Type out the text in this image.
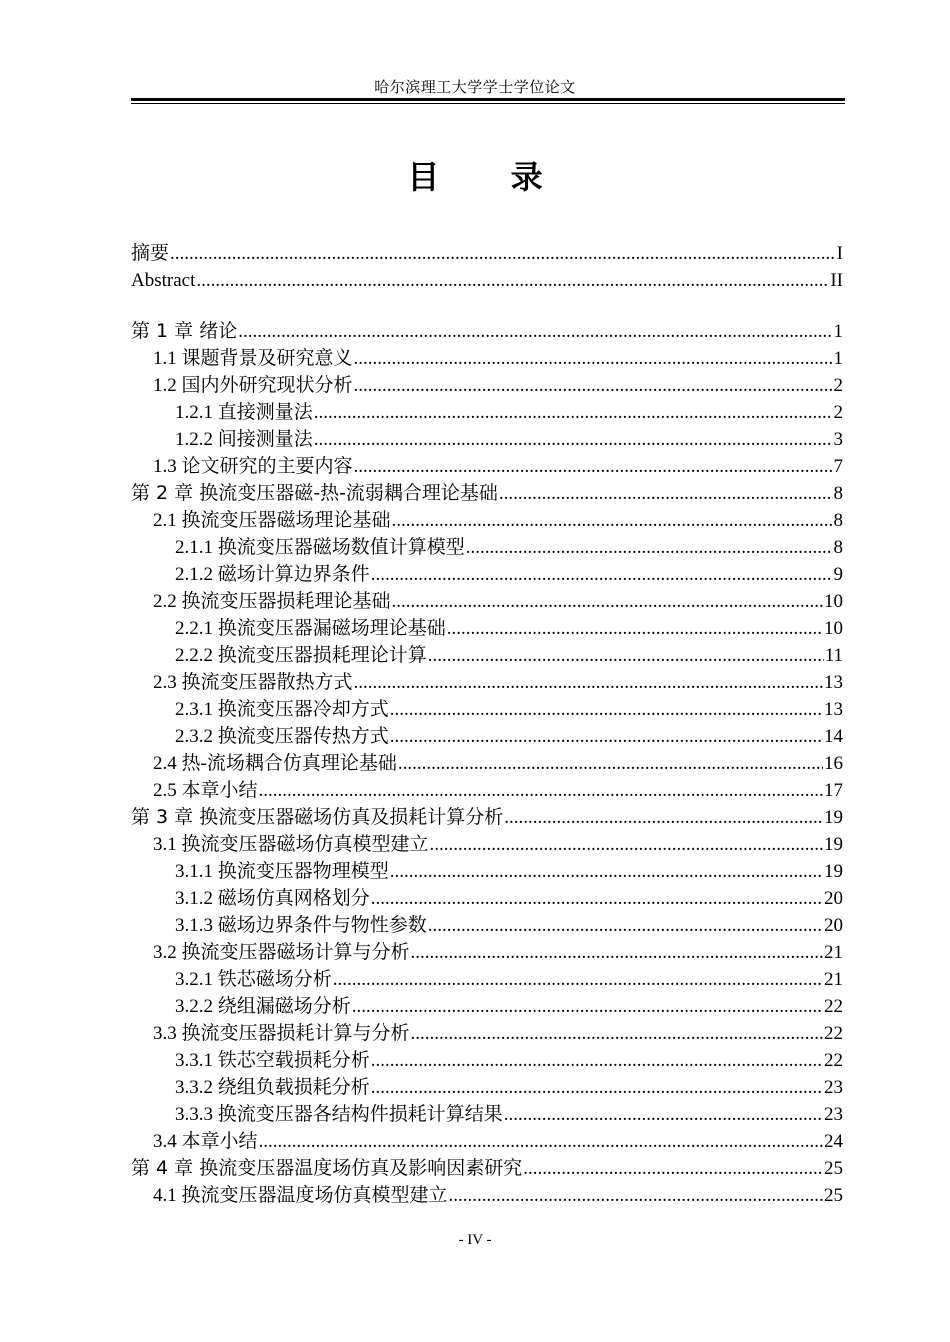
哈尔滨理工大学学士学位论文
目 录
摘要 .....	I
Abstract .....	II
第 1 章 绪论 .....	1
1.1 课题背景及研究意义 .....	1
1.2 国内外研究现状分析 .....	2
1.2.1 直接测量法 .....	2
1.2.2 间接测量法 .....	3
1.3 论文研究的主要内容 .....	7
第 2 章 换流变压器磁-热-流弱耦合理论基础 .....	8
2.1 换流变压器磁场理论基础 .....	8
2.1.1 换流变压器磁场数值计算模型 .....	8
2.1.2 磁场计算边界条件 .....	9
2.2 换流变压器损耗理论基础 .....	10
2.2.1 换流变压器漏磁场理论基础 .....	10
2.2.2 换流变压器损耗理论计算 .....	11
2.3 换流变压器散热方式 .....	13
2.3.1 换流变压器冷却方式 .....	13
2.3.2 换流变压器传热方式 .....	14
2.4 热-流场耦合仿真理论基础 .....	16
2.5 本章小结 .....	17
第 3 章 换流变压器磁场仿真及损耗计算分析 .....	19
3.1 换流变压器磁场仿真模型建立 .....	19
3.1.1 换流变压器物理模型 .....	19
3.1.2 磁场仿真网格划分 .....	20
3.1.3 磁场边界条件与物性参数 .....	20
3.2 换流变压器磁场计算与分析 .....	21
3.2.1 铁芯磁场分析 .....	21
3.2.2 绕组漏磁场分析 .....	22
3.3 换流变压器损耗计算与分析 .....	22
3.3.1 铁芯空载损耗分析 .....	22
3.3.2 绕组负载损耗分析 .....	23
3.3.3 换流变压器各结构件损耗计算结果 .....	23
3.4 本章小结 .....	24
第 4 章 换流变压器温度场仿真及影响因素研究 .....	25
4.1 换流变压器温度场仿真模型建立 .....	25
- IV -
